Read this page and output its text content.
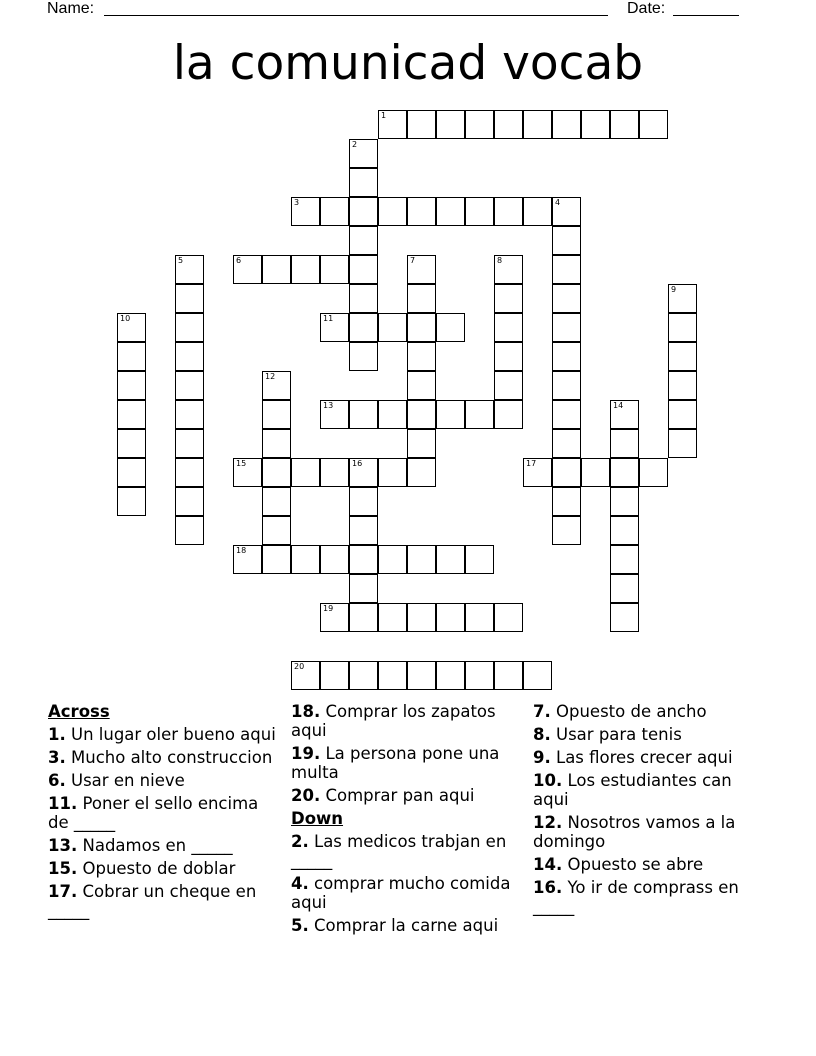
Name:	Date:
la comunicad vocab
1
2
3	4
5	6	7	8
9
10	11
12
13	14
15	16	17
18
19
20
Across
1. Un lugar oler bueno aqui
3. Mucho alto construccion
6. Usar en nieve
11. Poner el sello encima de _____
13. Nadamos en _____
15. Opuesto de doblar
17. Cobrar un cheque en _____
18. Comprar los zapatos aqui
19. La persona pone una multa
20. Comprar pan aqui
Down
2. Las medicos trabjan en _____
4. comprar mucho comida aqui
5. Comprar la carne aqui
7. Opuesto de ancho
8. Usar para tenis
9. Las flores crecer aqui
10. Los estudiantes can aqui
12. Nosotros vamos a la domingo
14. Opuesto se abre
16. Yo ir de comprass en _____
